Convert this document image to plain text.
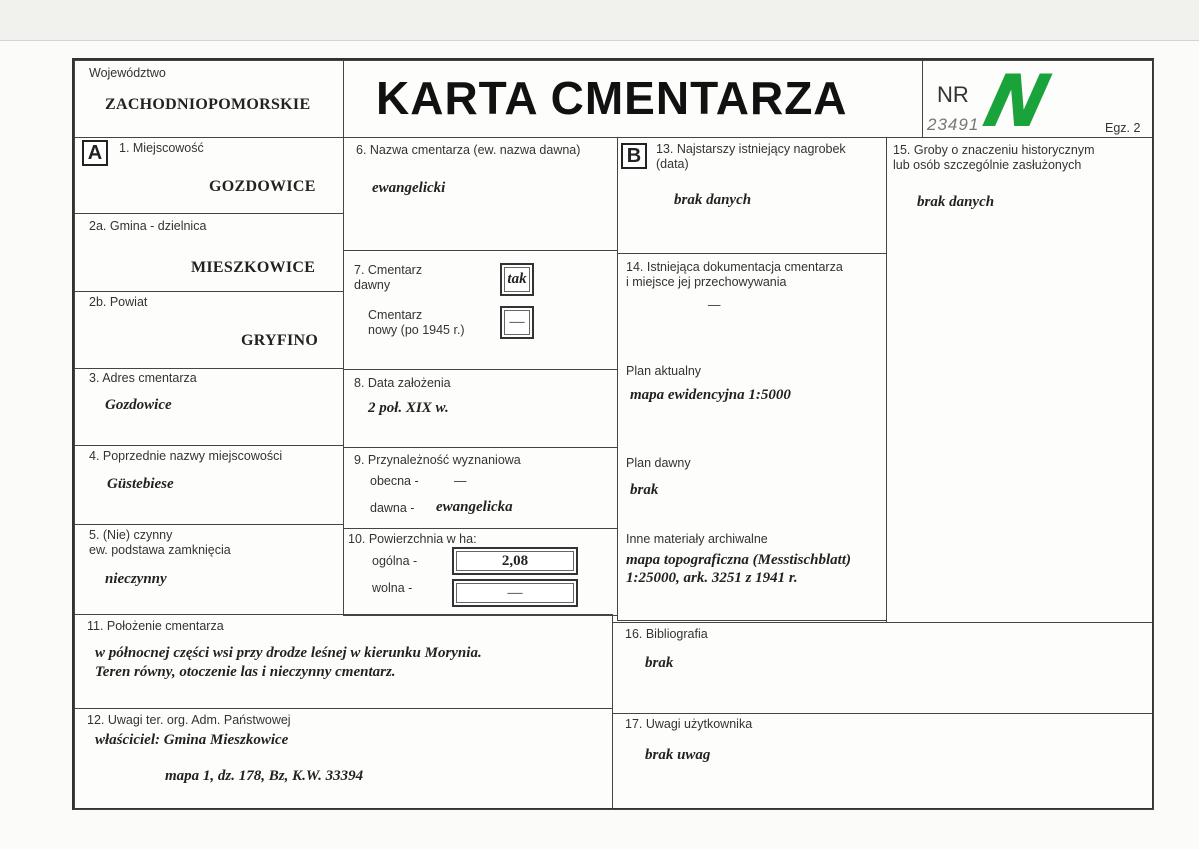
Województwo
ZACHODNIOPOMORSKIE KARTA CMENTARZA	NR
23491
N	Egz. 2
A	1. Miejscowość
GOZDOWICE
2a. Gmina - dzielnica
MIESZKOWICE
2b. Powiat
GRYFINO
3. Adres cmentarza
Gozdowice
4. Poprzednie nazwy miejscowości
Güstebiese
5. (Nie) czynny
ew. podstawa zamknięcia
nieczynny
6. Nazwa cmentarza (ew. nazwa dawna)
ewangelicki
7. Cmentarz
dawny	tak
Cmentarz
nowy (po 1945 r.)	—
8. Data założenia
2 poł. XIX w.
9. Przynależność wyznaniowa
obecna -	—
dawna - ewangelicka
10. Powierzchnia w ha:
ogólna -	2,08
wolna -	—
B	13. Najstarszy istniejący nagrobek
(data)
brak danych
14. Istniejąca dokumentacja cmentarza
i miejsce jej przechowywania
—
Plan aktualny
mapa ewidencyjna 1:5000
Plan dawny
brak
Inne materiały archiwalne
mapa topograficzna (Messtischblatt)
1:25000, ark. 3251 z 1941 r.
15. Groby o znaczeniu historycznym
lub osób szczególnie zasłużonych
brak danych
11. Położenie cmentarza
w północnej części wsi przy drodze leśnej w kierunku Morynia.
Teren równy, otoczenie las i nieczynny cmentarz.
16. Bibliografia
brak
12. Uwagi ter. org. Adm. Państwowej
właściciel: Gmina Mieszkowice
mapa 1, dz. 178, Bz, K.W. 33394
17. Uwagi użytkownika
brak uwag
